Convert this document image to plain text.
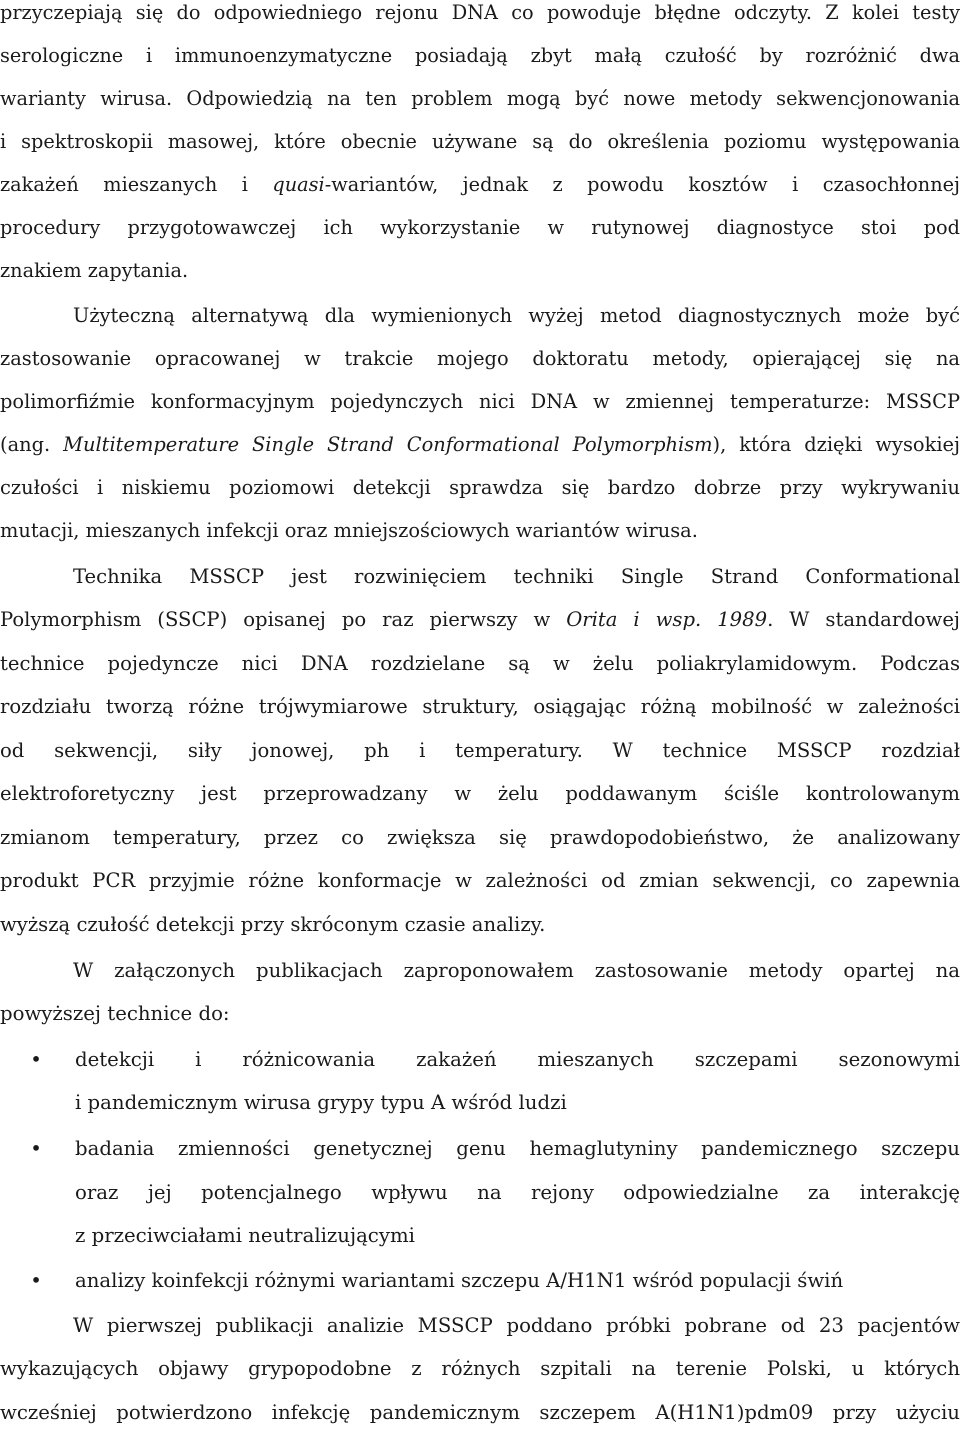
przyczepiają się do odpowiedniego rejonu DNA co powoduje błędne odczyty. Z kolei testy
serologiczne i immunoenzymatyczne posiadają zbyt małą czułość by rozróżnić dwa
warianty wirusa. Odpowiedzią na ten problem mogą być nowe metody sekwencjonowania
i spektroskopii masowej, które obecnie używane są do określenia poziomu występowania
zakażeń mieszanych i quasi-wariantów, jednak z powodu kosztów i czasochłonnej
procedury przygotowawczej ich wykorzystanie w rutynowej diagnostyce stoi pod
znakiem zapytania.
Użyteczną alternatywą dla wymienionych wyżej metod diagnostycznych może być
zastosowanie opracowanej w trakcie mojego doktoratu metody, opierającej się na
polimorfiźmie konformacyjnym pojedynczych nici DNA w zmiennej temperaturze: MSSCP
(ang. Multitemperature Single Strand Conformational Polymorphism), która dzięki wysokiej
czułości i niskiemu poziomowi detekcji sprawdza się bardzo dobrze przy wykrywaniu
mutacji, mieszanych infekcji oraz mniejszościowych wariantów wirusa.
Technika MSSCP jest rozwinięciem techniki Single Strand Conformational
Polymorphism (SSCP) opisanej po raz pierwszy w Orita i wsp. 1989. W standardowej
technice pojedyncze nici DNA rozdzielane są w żelu poliakrylamidowym. Podczas
rozdziału tworzą różne trójwymiarowe struktury, osiągając różną mobilność w zależności
od sekwencji, siły jonowej, ph i temperatury. W technice MSSCP rozdział
elektroforetyczny jest przeprowadzany w żelu poddawanym ściśle kontrolowanym
zmianom temperatury, przez co zwiększa się prawdopodobieństwo, że analizowany
produkt PCR przyjmie różne konformacje w zależności od zmian sekwencji, co zapewnia
wyższą czułość detekcji przy skróconym czasie analizy.
W załączonych publikacjach zaproponowałem zastosowanie metody opartej na
powyższej technice do:
• detekcji i różnicowania zakażeń mieszanych szczepami sezonowymi
i pandemicznym wirusa grypy typu A wśród ludzi
• badania zmienności genetycznej genu hemaglutyniny pandemicznego szczepu
oraz jej potencjalnego wpływu na rejony odpowiedzialne za interakcję
z przeciwciałami neutralizującymi
• analizy koinfekcji różnymi wariantami szczepu A/H1N1 wśród populacji świń
W pierwszej publikacji analizie MSSCP poddano próbki pobrane od 23 pacjentów
wykazujących objawy grypopodobne z różnych szpitali na terenie Polski, u których
wcześniej potwierdzono infekcję pandemicznym szczepem A(H1N1)pdm09 przy użyciu
